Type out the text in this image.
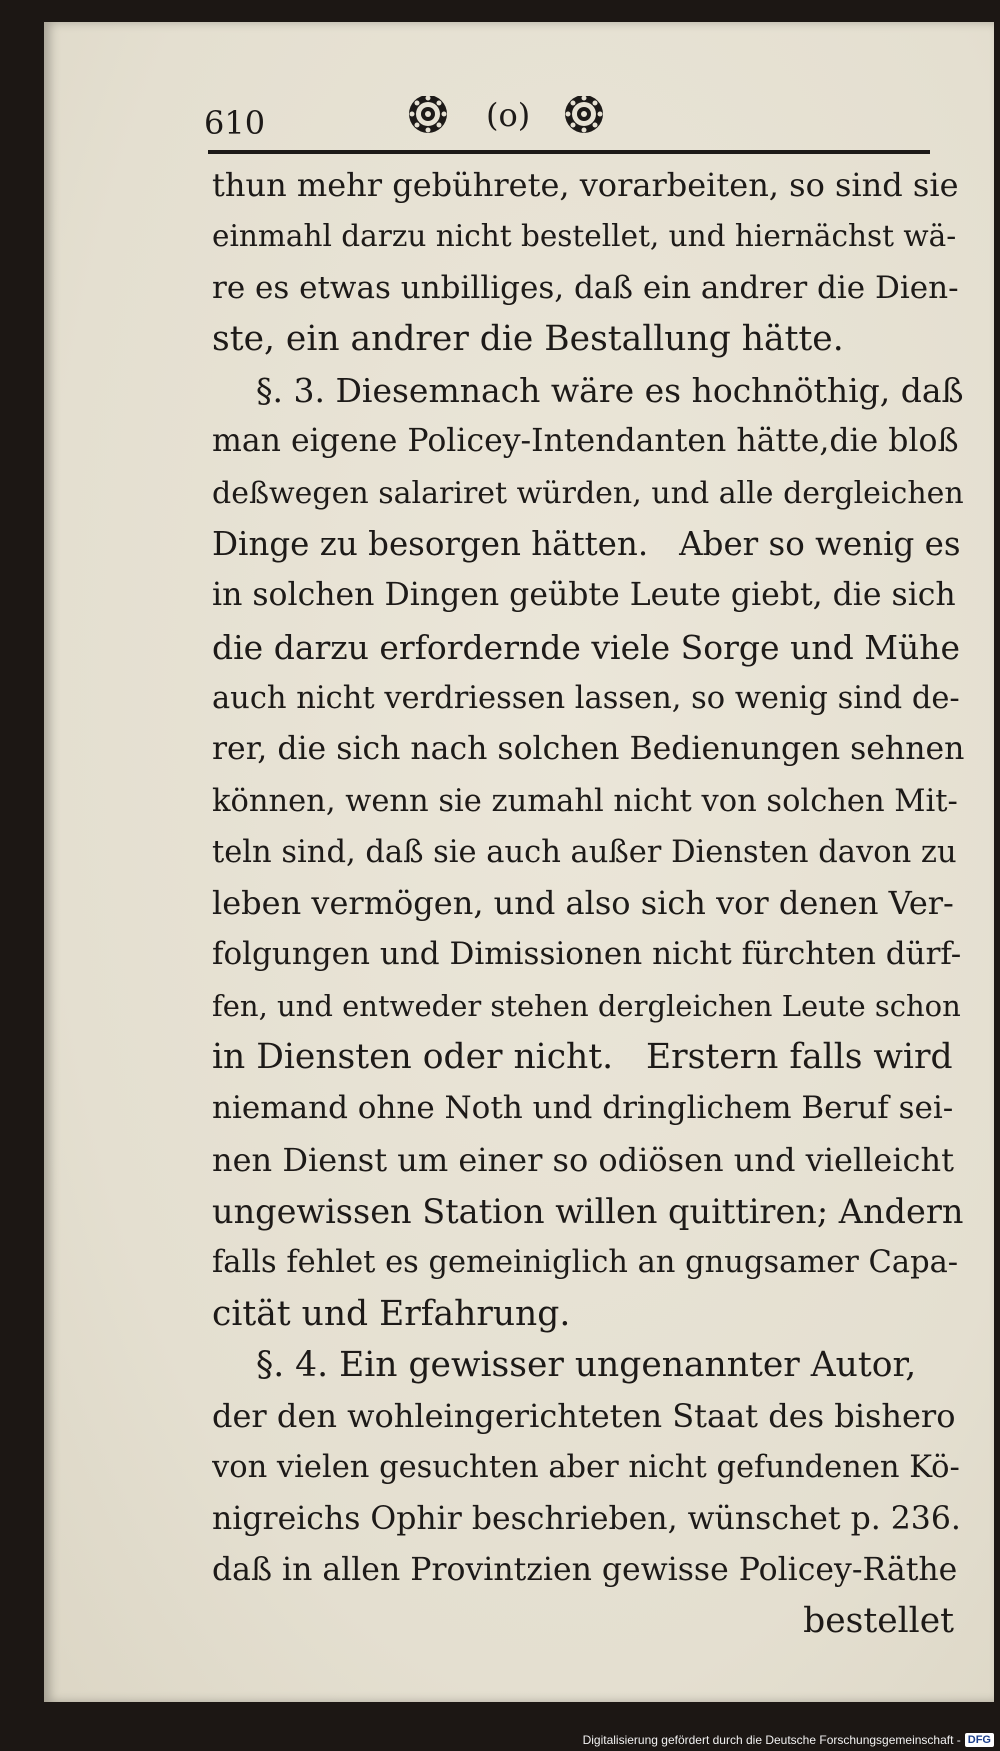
610	(o)
thun mehr gebührete, vorarbeiten, so sind sie
einmahl darzu nicht bestellet, und hiernächst wä-
re es etwas unbilliges, daß ein andrer die Dien-
ste, ein andrer die Bestallung hätte.
§. 3. Diesemnach wäre es hochnöthig, daß
man eigene Policey-Intendanten hätte,die bloß
deßwegen salariret würden, und alle dergleichen
Dinge zu besorgen hätten.   Aber so wenig es
in solchen Dingen geübte Leute giebt, die sich
die darzu erfordernde viele Sorge und Mühe
auch nicht verdriessen lassen, so wenig sind de-
rer, die sich nach solchen Bedienungen sehnen
können, wenn sie zumahl nicht von solchen Mit-
teln sind, daß sie auch außer Diensten davon zu
leben vermögen, und also sich vor denen Ver-
folgungen und Dimissionen nicht fürchten dürf-
fen, und entweder stehen dergleichen Leute schon
in Diensten oder nicht.   Erstern falls wird
niemand ohne Noth und dringlichem Beruf sei-
nen Dienst um einer so odiösen und vielleicht
ungewissen Station willen quittiren; Andern
falls fehlet es gemeiniglich an gnugsamer Capa-
cität und Erfahrung.
§. 4. Ein gewisser ungenannter Autor,
der den wohleingerichteten Staat des bishero
von vielen gesuchten aber nicht gefundenen Kö-
nigreichs Ophir beschrieben, wünschet p. 236.
daß in allen Provintzien gewisse Policey-Räthe
bestellet
Digitalisierung gefördert durch die Deutsche Forschungsgemeinschaft - DFG
